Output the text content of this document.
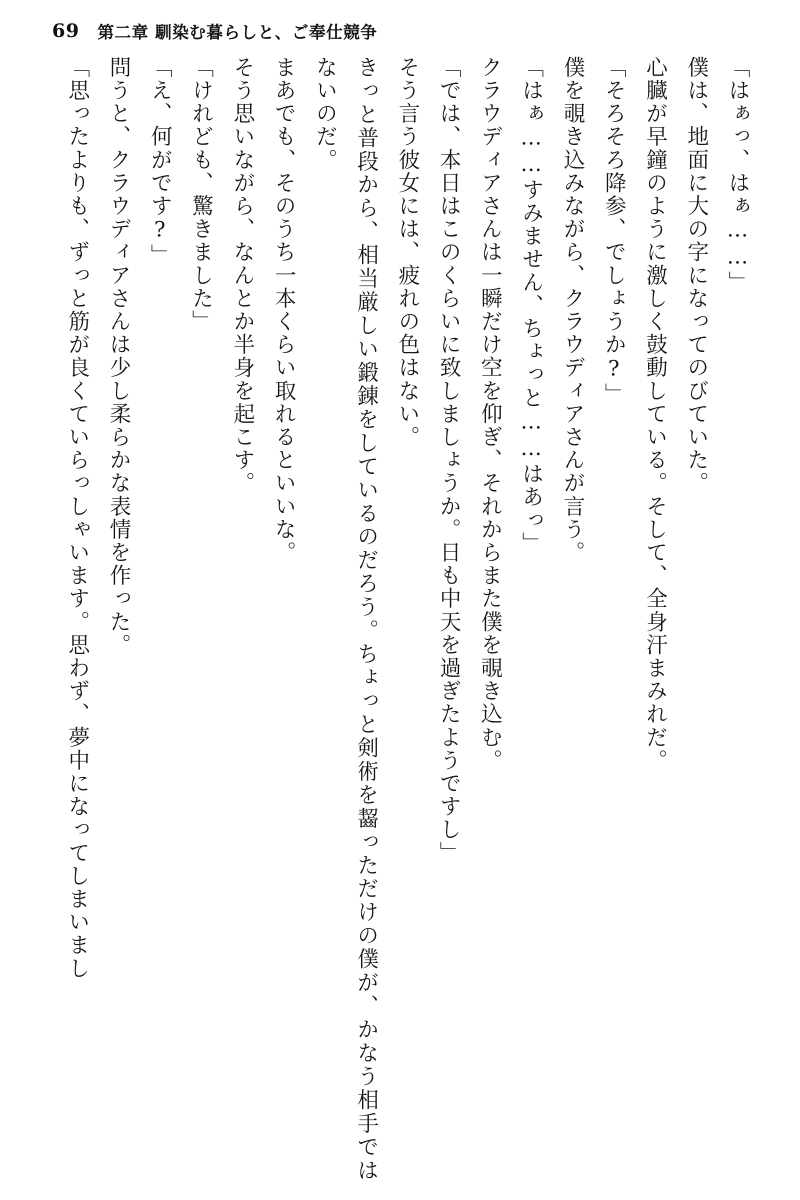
69 第二章 馴染む暮らしと、ご奉仕競争

「はぁっ、はぁ……」

僕は、地面に大の字になってのびていた。

心臓が早鐘のように激しく鼓動している。そして、全身汗まみれだ。

「そろそろ降参、でしょうか?」

僕を覗き込みながら、クラウディアさんが言う。

「はぁ……すみません、ちょっと……はあっ」

クラウディアさんは一瞬だけ空を仰ぎ、それからまた僕を覗き込む。

「では、本日はこのくらいに致しましょうか。日も中天を過ぎたようですし」

そう言う彼女には、疲れの色はない。

きっと普段から、相当厳しい鍛錬をしているのだろう。ちょっと剣術を齧っただけの僕が、かなう相手ではないのだ。

まあでも、そのうち一本くらい取れるといいな。

そう思いながら、なんとか半身を起こす。

「けれども、驚きました」

「え、何がです?」

問うと、クラウディアさんは少し柔らかな表情を作った。

「思ったよりも、ずっと筋が良くていらっしゃいます。思わず、夢中になってしまいまし
